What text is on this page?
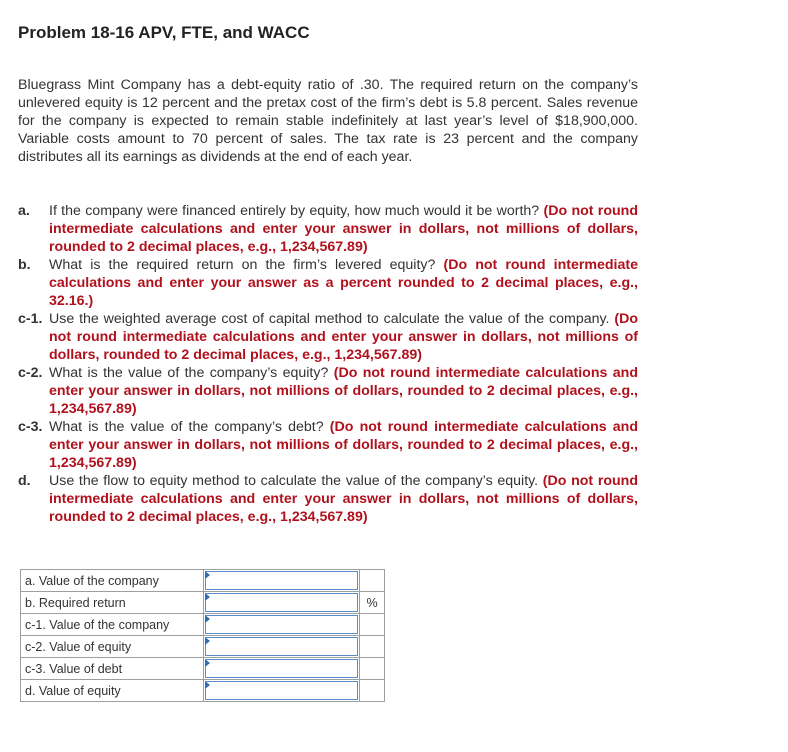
Problem 18-16 APV, FTE, and WACC
Bluegrass Mint Company has a debt-equity ratio of .30. The required return on the company’s unlevered equity is 12 percent and the pretax cost of the firm’s debt is 5.8 percent. Sales revenue for the company is expected to remain stable indefinitely at last year’s level of $18,900,000. Variable costs amount to 70 percent of sales. The tax rate is 23 percent and the company distributes all its earnings as dividends at the end of each year.
a.	If the company were financed entirely by equity, how much would it be worth? (Do not round intermediate calculations and enter your answer in dollars, not millions of dollars, rounded to 2 decimal places, e.g., 1,234,567.89)
b.	What is the required return on the firm’s levered equity? (Do not round intermediate calculations and enter your answer as a percent rounded to 2 decimal places, e.g., 32.16.)
c-1. Use the weighted average cost of capital method to calculate the value of the company. (Do not round intermediate calculations and enter your answer in dollars, not millions of dollars, rounded to 2 decimal places, e.g., 1,234,567.89)
c-2. What is the value of the company’s equity? (Do not round intermediate calculations and enter your answer in dollars, not millions of dollars, rounded to 2 decimal places, e.g., 1,234,567.89)
c-3. What is the value of the company’s debt? (Do not round intermediate calculations and enter your answer in dollars, not millions of dollars, rounded to 2 decimal places, e.g., 1,234,567.89)
d.	Use the flow to equity method to calculate the value of the company’s equity. (Do not round intermediate calculations and enter your answer in dollars, not millions of dollars, rounded to 2 decimal places, e.g., 1,234,567.89)
a. Value of the company	

b. Required return		%
c-1. Value of the company	

c-2. Value of equity	

c-3. Value of debt	

d. Value of equity	
